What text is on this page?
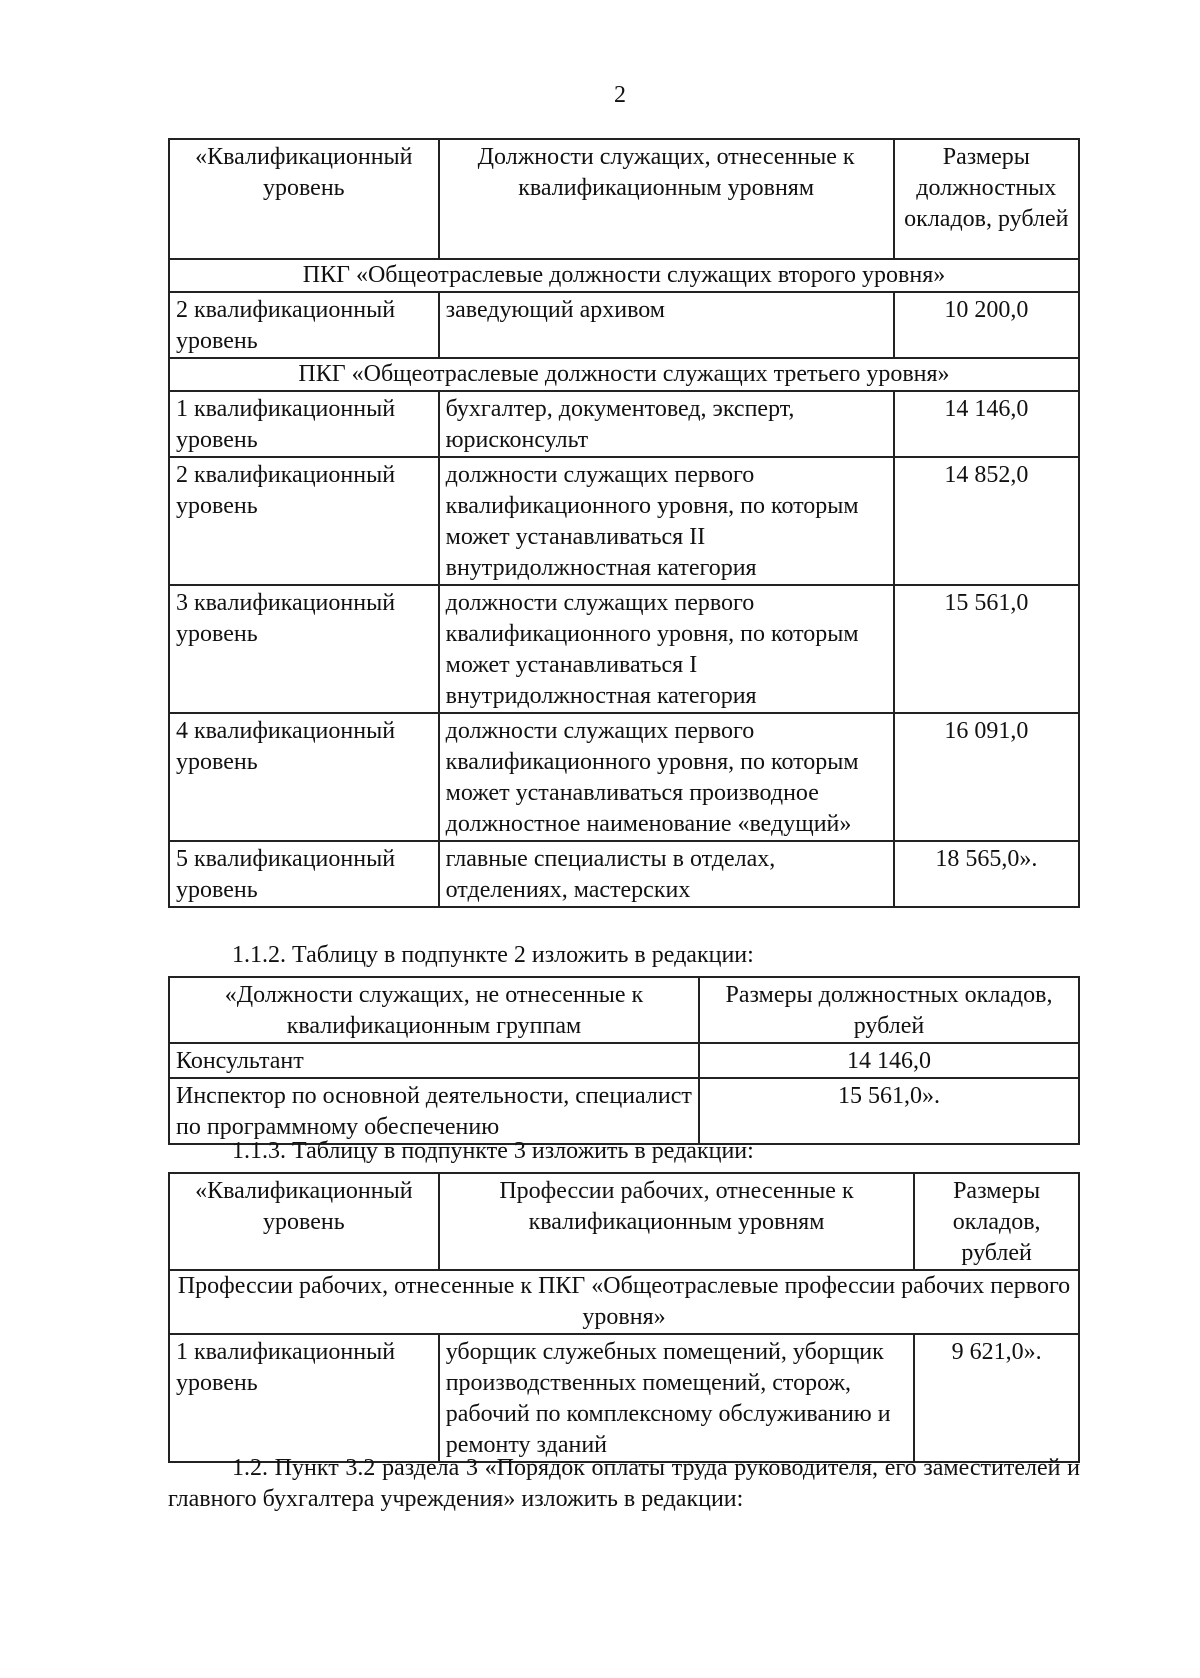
2
«Квалификационный уровень	Должности служащих, отнесенные к квалификационным уровням	Размеры должностных окладов, рублей
ПКГ «Общеотраслевые должности служащих второго уровня»		
2 квалификационный уровень	заведующий архивом	10 200,0
ПКГ «Общеотраслевые должности служащих третьего уровня»		
1 квалификационный уровень	бухгалтер, документовед, эксперт, юрисконсульт	14 146,0
2 квалификационный уровень	должности служащих первого квалификационного уровня, по которым может устанавливаться II внутридолжностная категория	14 852,0
3 квалификационный уровень	должности служащих первого квалификационного уровня, по которым может устанавливаться I внутридолжностная категория	15 561,0
4 квалификационный уровень	должности служащих первого квалификационного уровня, по которым может устанавливаться производное должностное наименование «ведущий»	16 091,0
5 квалификационный уровень	главные специалисты в отделах, отделениях, мастерских	18 565,0».
1.1.2. Таблицу в подпункте 2 изложить в редакции:
«Должности служащих, не отнесенные к квалификационным группам	Размеры должностных окладов, рублей
Консультант	14 146,0
Инспектор по основной деятельности, специалист по программному обеспечению	15 561,0».
1.1.3. Таблицу в подпункте 3 изложить в редакции:
«Квалификационный уровень	Профессии рабочих, отнесенные к квалификационным уровням	Размеры окладов, рублей
Профессии рабочих, отнесенные к ПКГ «Общеотраслевые профессии рабочих первого уровня»		
1 квалификационный уровень	уборщик служебных помещений, уборщик производственных помещений, сторож, рабочий по комплексному обслуживанию и ремонту зданий	9 621,0».
1.2. Пункт 3.2 раздела 3 «Порядок оплаты труда руководителя, его заместителей и главного бухгалтера учреждения» изложить в редакции:
